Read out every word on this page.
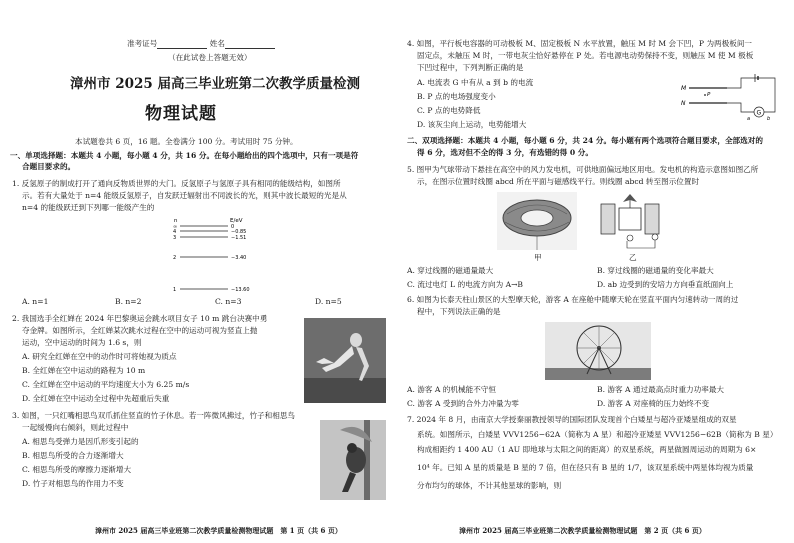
准考证号	姓名
（在此试卷上答题无效）
漳州市 2025 届高三毕业班第二次教学质量检测
物理试题
本试题卷共 6 页，16 题。全卷满分 100 分。考试用时 75 分钟。
一、单项选择题：本题共 4 小题，每小题 4 分，共 16 分。在每小题给出的四个选项中，只有一项是符
合题目要求的。
1. 反氢原子的制成打开了通向反物质世界的大门。反氢原子与氢原子具有相同的能级结构，如图所
示。若有大量处于 n=4 能级反氢原子，自发跃迁辐射出不同波长的光，则其中波长最短的光是从
n=4 的能级跃迁到下列哪一能级产生的
n	E/eV
∞	0
4	−0.85
3	−1.51
2	−3.40
1	−13.60
A. n=1	B. n=2	C. n=3	D. n=5
2. 我国选手全红婵在 2024 年巴黎奥运会跳水项目女子 10 m 跳台决赛中勇
夺金牌。如图所示，全红婵某次跳水过程在空中的运动可视为竖直上抛
运动，空中运动的时间为 1.6 s，则
A. 研究全红婵在空中的动作时可将她视为质点
B. 全红婵在空中运动的路程为 10 m
C. 全红婵在空中运动的平均速度大小为 6.25 m/s
D. 全红婵在空中运动全过程中先超重后失重
3. 如图，一只红嘴相思鸟双爪抓住竖直的竹子休息。若一阵微风拂过，竹子和相思鸟
一起缓慢向右倾斜，则此过程中
A. 相思鸟受弹力是因爪形变引起的
B. 相思鸟所受的合力逐渐增大
C. 相思鸟所受的摩擦力逐渐增大
D. 竹子对相思鸟的作用力不变
漳州市 2025 届高三毕业班第二次教学质量检测物理试题　第 1 页（共 6 页）
4. 如图，平行板电容器的可动极板 M、固定极板 N 水平放置，触压 M 时 M 会下凹，P 为两极板间一
固定点，未触压 M 时，一带电灰尘恰好悬停在 P 处。若电源电动势保持不变，则触压 M 使 M 极板
下凹过程中，下列判断正确的是
A. 电流表 G 中有从 a 到 b 的电流
B. P 点的电场强度变小
C. P 点的电势降低
D. 该灰尘向上运动，电势能增大
M
P
N
G
a	b
二、双项选择题：本题共 4 小题，每小题 6 分，共 24 分。每小题有两个选项符合题目要求，全部选对的
得 6 分，选对但不全的得 3 分，有选错的得 0 分。
5. 图甲为气球带动下悬挂在高空中的风力发电机，可供地面偏远地区用电。发电机的构造示意图如图乙所
示，在图示位置时线圈 abcd 所在平面与磁感线平行。则线圈 abcd 转至图示位置时
甲	乙
A. 穿过线圈的磁通量最大	B. 穿过线圈的磁通量的变化率最大
C. 流过电灯 L 的电流方向为 A→B	D. ab 边受到的安培力方向垂直纸面向上
6. 如图为长泰天柱山景区的大型摩天轮，游客 A 在座舱中随摩天轮在竖直平面内匀速转动一周的过
程中，下列说法正确的是
A. 游客 A 的机械能不守恒	B. 游客 A 通过最高点时重力功率最大
C. 游客 A 受到的合外力冲量为零	D. 游客 A 对座椅的压力始终不变
7. 2024 年 8 月，由南京大学授秦丽教授领导的国际团队发现首个白矮星与超冷亚矮星组成的双星
系统。如图所示，白矮星 VVV1256−62A（简称为 A 星）和超冷亚矮星 VVV1256−62B（简称为 B 星）
构成相距约 1 400 AU（1 AU 即地球与太阳之间的距离）的双星系统，两星做圆周运动的周期为 6×
10⁴ 年。已知 A 星的质量是 B 星的 7 倍，但在径只有 B 星的 1/7，该双星系统中两星体均视为质量
分布均匀的球体，不计其他星球的影响，则
漳州市 2025 届高三毕业班第二次教学质量检测物理试题　第 2 页（共 6 页）
